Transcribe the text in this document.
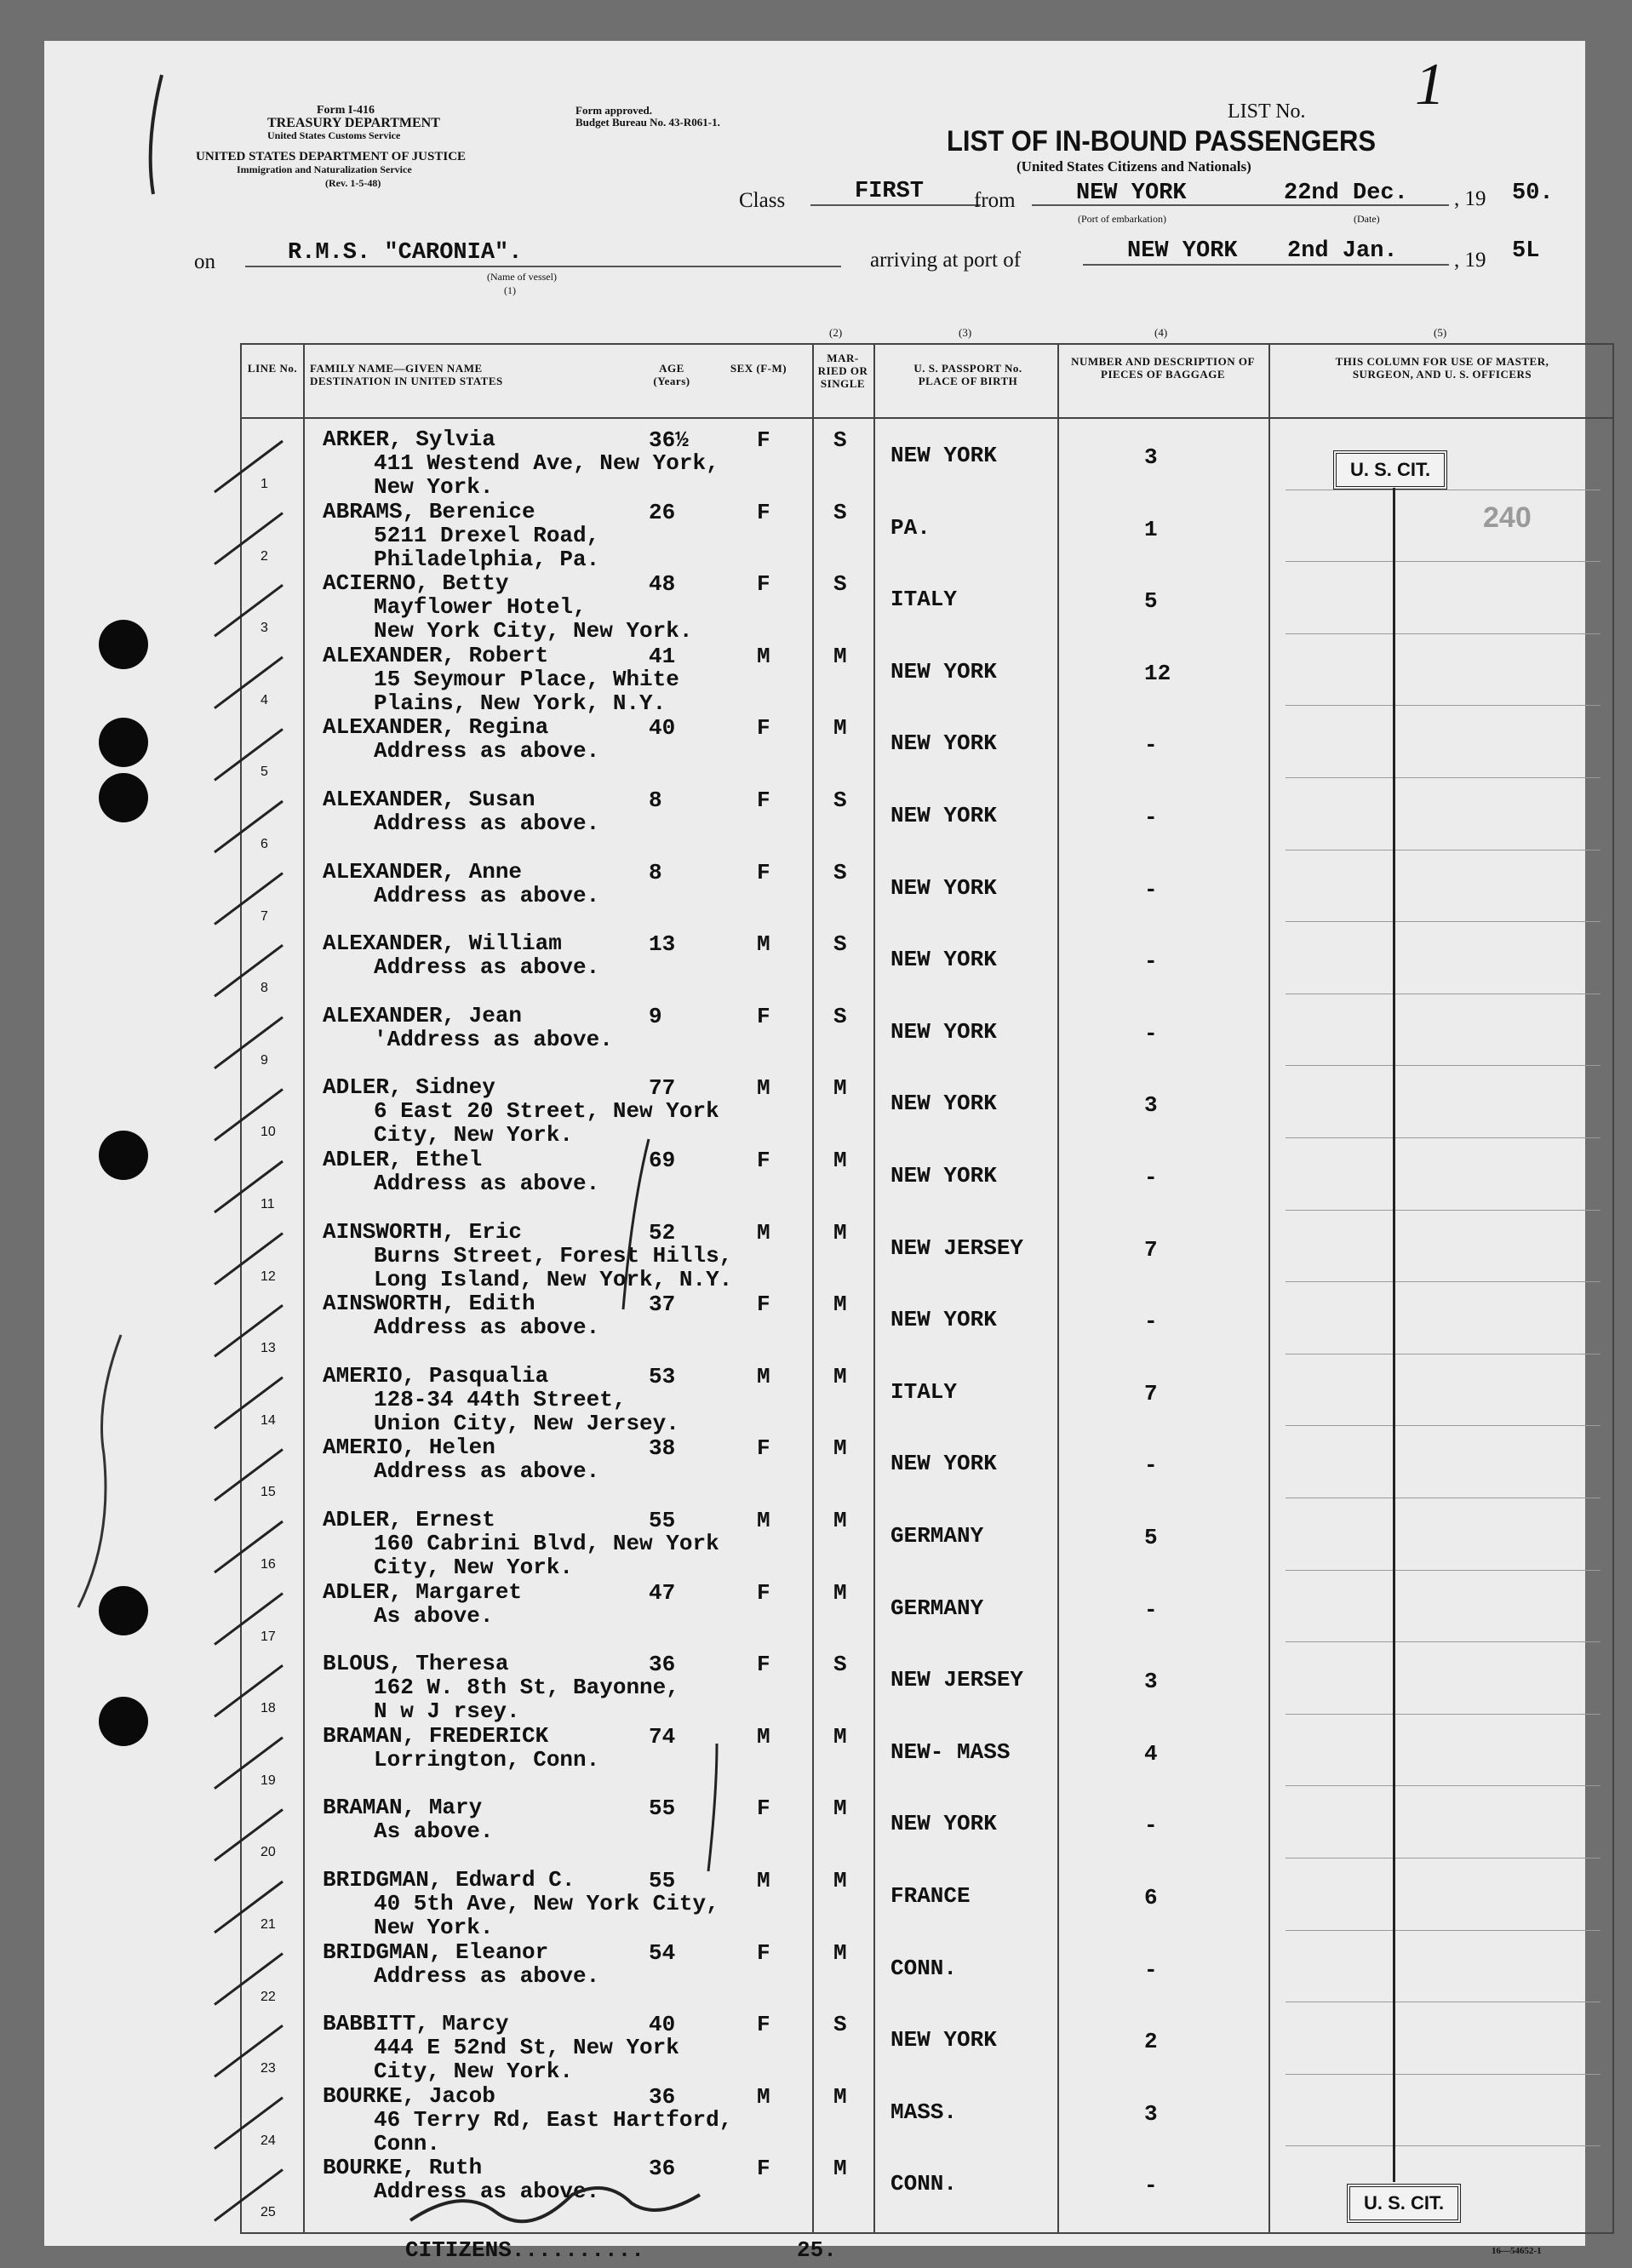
Form I-416
TREASURY DEPARTMENT
United States Customs Service
UNITED STATES DEPARTMENT OF JUSTICE
Immigration and Naturalization Service
(Rev. 1-5-48)
Form approved.
Budget Bureau No. 43-R061-1.	LIST No. 1
LIST OF IN-BOUND PASSENGERS
(United States Citizens and Nationals)
Class	FIRST from	NEW YORK
(Port of embarkation)
22nd Dec.
(Date)
, 19 50.
on	R.M.S. "CARONIA".
(Name of vessel)
(1)
arriving at port of	NEW YORK 2nd Jan.	, 19 5L
(2)	(3)	(4)	(5)
LINE No. FAMILY NAME—GIVEN NAME DESTINATION IN UNITED STATES
AGE (Years)
SEX (F-M)
MAR- RIED OR SINGLE
U. S. PASSPORT No. PLACE OF BIRTH
NUMBER AND DESCRIPTION OF PIECES OF BAGGAGE
THIS COLUMN FOR USE OF MASTER, SURGEON, AND U. S. OFFICERS
1
ARKER, Sylvia
411 Westend Ave, New York,
New York.
36½	F	S
NEW YORK	3
2
ABRAMS, Berenice
5211 Drexel Road,
Philadelphia, Pa.
26	F	S
PA.	1
3
ACIERNO, Betty
Mayflower Hotel,
New York City, New York.
48	F	S
ITALY	5
4
ALEXANDER, Robert
15 Seymour Place, White
Plains, New York, N.Y.
41	M	M
NEW YORK	12
5
ALEXANDER, Regina
Address as above.
40	F	M
NEW YORK	-
6
ALEXANDER, Susan
Address as above.
8	F	S
NEW YORK	-
7
ALEXANDER, Anne
Address as above.
8	F	S
NEW YORK	-
8
ALEXANDER, William
Address as above.
13	M	S
NEW YORK	-
9
ALEXANDER, Jean
'Address as above.
9	F	S
NEW YORK	-
10
ADLER, Sidney
6 East 20 Street, New York
City, New York.
77	M	M
NEW YORK	3
11
ADLER, Ethel
Address as above.
69	F	M
NEW YORK	-
12
AINSWORTH, Eric
Burns Street, Forest Hills,
Long Island, New York, N.Y.
52	M	M
NEW JERSEY	7
13
AINSWORTH, Edith
Address as above.
37	F	M
NEW YORK	-
14
AMERIO, Pasqualia
128-34 44th Street,
Union City, New Jersey.
53	M	M
ITALY	7
15
AMERIO, Helen
Address as above.
38	F	M
NEW YORK	-
16
ADLER, Ernest
160 Cabrini Blvd, New York
City, New York.
55	M	M
GERMANY	5
17
ADLER, Margaret
As above.
47	F	M
GERMANY	-
18
BLOUS, Theresa
162 W. 8th St, Bayonne,
N w J rsey.
36	F	S
NEW JERSEY	3
19
BRAMAN, FREDERICK
Lorrington, Conn.
74	M	M
NEW- MASS	4
20
BRAMAN, Mary
As above.
55	F	M
NEW YORK	-
21
BRIDGMAN, Edward C.
40 5th Ave, New York City,
New York.
55	M	M
FRANCE	6
22
BRIDGMAN, Eleanor
Address as above.
54	F	M
CONN.	-
23
BABBITT, Marcy
444 E 52nd St, New York
City, New York.
40	F	S
NEW YORK	2
24
BOURKE, Jacob
46 Terry Rd, East Hartford,
Conn.
36	M	M
MASS.	3
25
BOURKE, Ruth
Address as above.
36	F	M
CONN.	-
U. S. CIT.
U. S. CIT.
240
CITIZENS..........	25.	16—54652-1
